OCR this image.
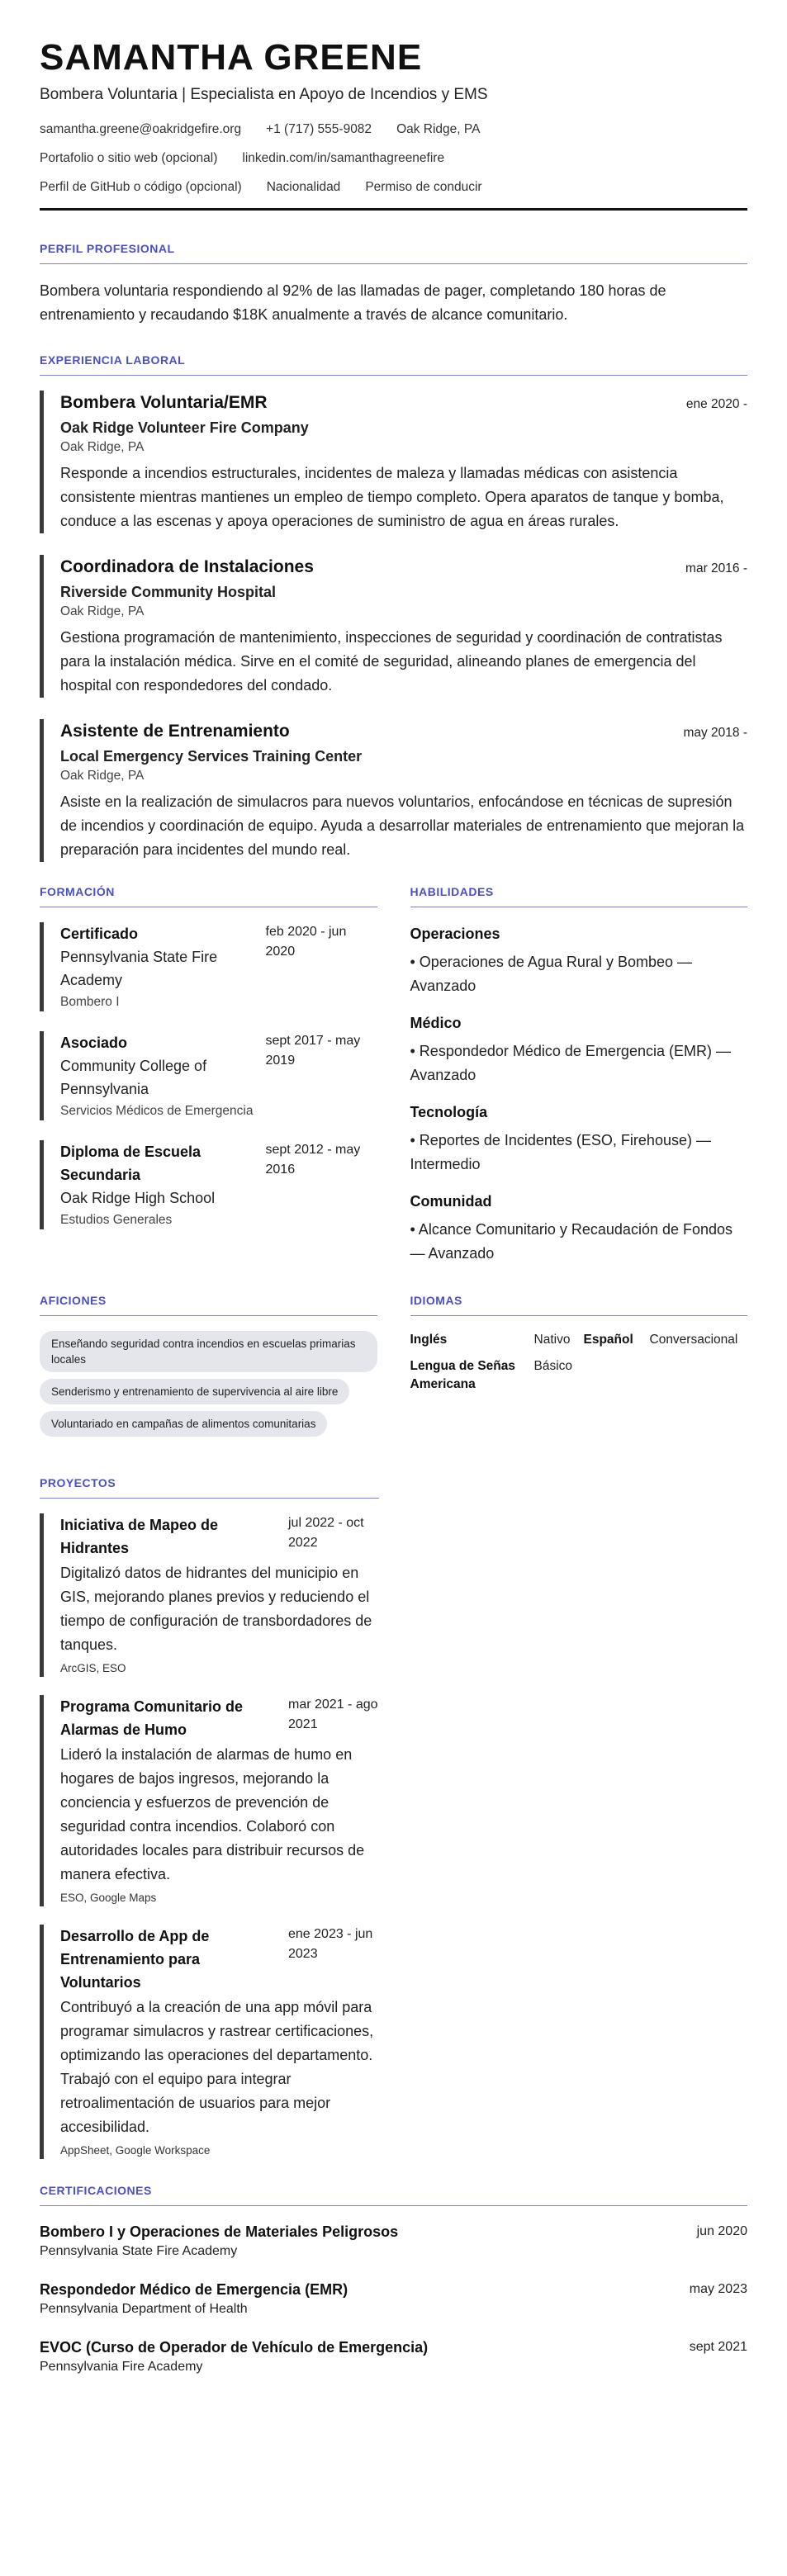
SAMANTHA GREENE
Bombera Voluntaria | Especialista en Apoyo de Incendios y EMS
samantha.greene@oakridgefire.org +1 (717) 555-9082 Oak Ridge, PA
Portafolio o sitio web (opcional) linkedin.com/in/samanthagreenefire
Perfil de GitHub o código (opcional) Nacionalidad Permiso de conducir
PERFIL PROFESIONAL
Bombera voluntaria respondiendo al 92% de las llamadas de pager, completando 180 horas de entrenamiento y recaudando $18K anualmente a través de alcance comunitario.
EXPERIENCIA LABORAL
Bombera Voluntaria/EMR	ene 2020 -
Oak Ridge Volunteer Fire Company
Oak Ridge, PA
Responde a incendios estructurales, incidentes de maleza y llamadas médicas con asistencia consistente mientras mantienes un empleo de tiempo completo. Opera aparatos de tanque y bomba, conduce a las escenas y apoya operaciones de suministro de agua en áreas rurales.
Coordinadora de Instalaciones	mar 2016 -
Riverside Community Hospital
Oak Ridge, PA
Gestiona programación de mantenimiento, inspecciones de seguridad y coordinación de contratistas para la instalación médica. Sirve en el comité de seguridad, alineando planes de emergencia del hospital con respondedores del condado.
Asistente de Entrenamiento	may 2018 -
Local Emergency Services Training Center
Oak Ridge, PA
Asiste en la realización de simulacros para nuevos voluntarios, enfocándose en técnicas de supresión de incendios y coordinación de equipo. Ayuda a desarrollar materiales de entrenamiento que mejoran la preparación para incidentes del mundo real.
FORMACIÓN
Certificado
Pennsylvania State Fire Academy
Bombero I
feb 2020 - jun 2020
Asociado
Community College of Pennsylvania
Servicios Médicos de Emergencia
sept 2017 - may 2019
Diploma de Escuela Secundaria
Oak Ridge High School
Estudios Generales
sept 2012 - may 2016
HABILIDADES
Operaciones
• Operaciones de Agua Rural y Bombeo — Avanzado
Médico
• Respondedor Médico de Emergencia (EMR) — Avanzado
Tecnología
• Reportes de Incidentes (ESO, Firehouse) — Intermedio
Comunidad
• Alcance Comunitario y Recaudación de Fondos — Avanzado
AFICIONES
Enseñando seguridad contra incendios en escuelas primarias locales Senderismo y entrenamiento de supervivencia al aire libre Voluntariado en campañas de alimentos comunitarias
IDIOMAS
Inglés	Nativo	Español	Conversacional
Lengua de Señas Americana
Básico
PROYECTOS
Iniciativa de Mapeo de Hidrantes
jul 2022 - oct 2022
Digitalizó datos de hidrantes del municipio en GIS, mejorando planes previos y reduciendo el tiempo de configuración de transbordadores de tanques.
ArcGIS, ESO
Programa Comunitario de Alarmas de Humo
mar 2021 - ago 2021
Lideró la instalación de alarmas de humo en hogares de bajos ingresos, mejorando la conciencia y esfuerzos de prevención de seguridad contra incendios. Colaboró con autoridades locales para distribuir recursos de manera efectiva.
ESO, Google Maps
Desarrollo de App de Entrenamiento para Voluntarios
ene 2023 - jun 2023
Contribuyó a la creación de una app móvil para programar simulacros y rastrear certificaciones, optimizando las operaciones del departamento. Trabajó con el equipo para integrar retroalimentación de usuarios para mejor accesibilidad.
AppSheet, Google Workspace
CERTIFICACIONES
Bombero I y Operaciones de Materiales Peligrosos
Pennsylvania State Fire Academy
jun 2020
Respondedor Médico de Emergencia (EMR)
Pennsylvania Department of Health
may 2023
EVOC (Curso de Operador de Vehículo de Emergencia)
Pennsylvania Fire Academy
sept 2021
